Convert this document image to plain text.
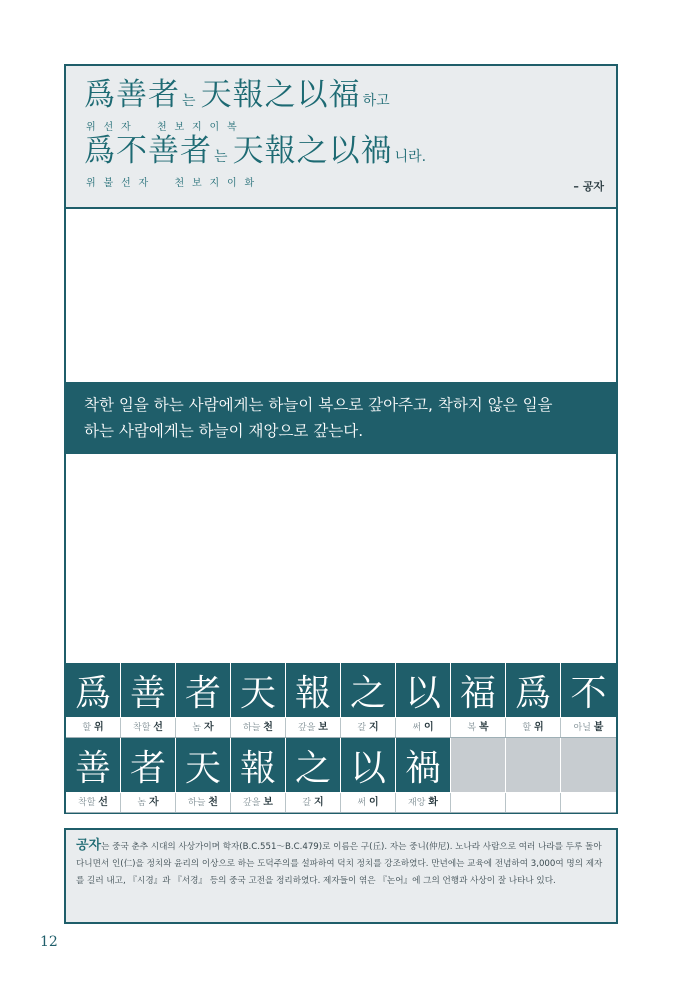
爲善者 는 天報之以福 하고
위  선  자       천  보  지  이  복
爲不善者 는 天報之以禍 니라.
위  불  선  자       천  보  지  이  화	– 공자
착한 일을 하는 사람에게는 하늘이 복으로 갚아주고, 착하지 않은 일을
하는 사람에게는 하늘이 재앙으로 갚는다.
爲 善 者 天 報 之 以 福 爲 不
할 위	착할 선	놈 자	하늘 천	갚을 보	갈 지	써 이	복 복	할 위	아닐 불
善 者 天 報 之 以 禍
착할 선	놈 자	하늘 천	갚을 보	갈 지	써 이	재앙 화
공자는 중국 춘추 시대의 사상가이며 학자(B.C.551～B.C.479)로 이름은 구(丘). 자는 중니(仲尼). 노나라 사람으로 여러 나라를 두루 돌아다니면서 인(仁)을 정치와 윤리의 이상으로 하는 도덕주의를 설파하여 덕치 정치를 강조하였다. 만년에는 교육에 전념하여 3,000여 명의 제자를 길러 내고, 『시경』과 『서경』 등의 중국 고전을 정리하였다. 제자들이 엮은 『논어』에 그의 언행과 사상이 잘 나타나 있다.
12
